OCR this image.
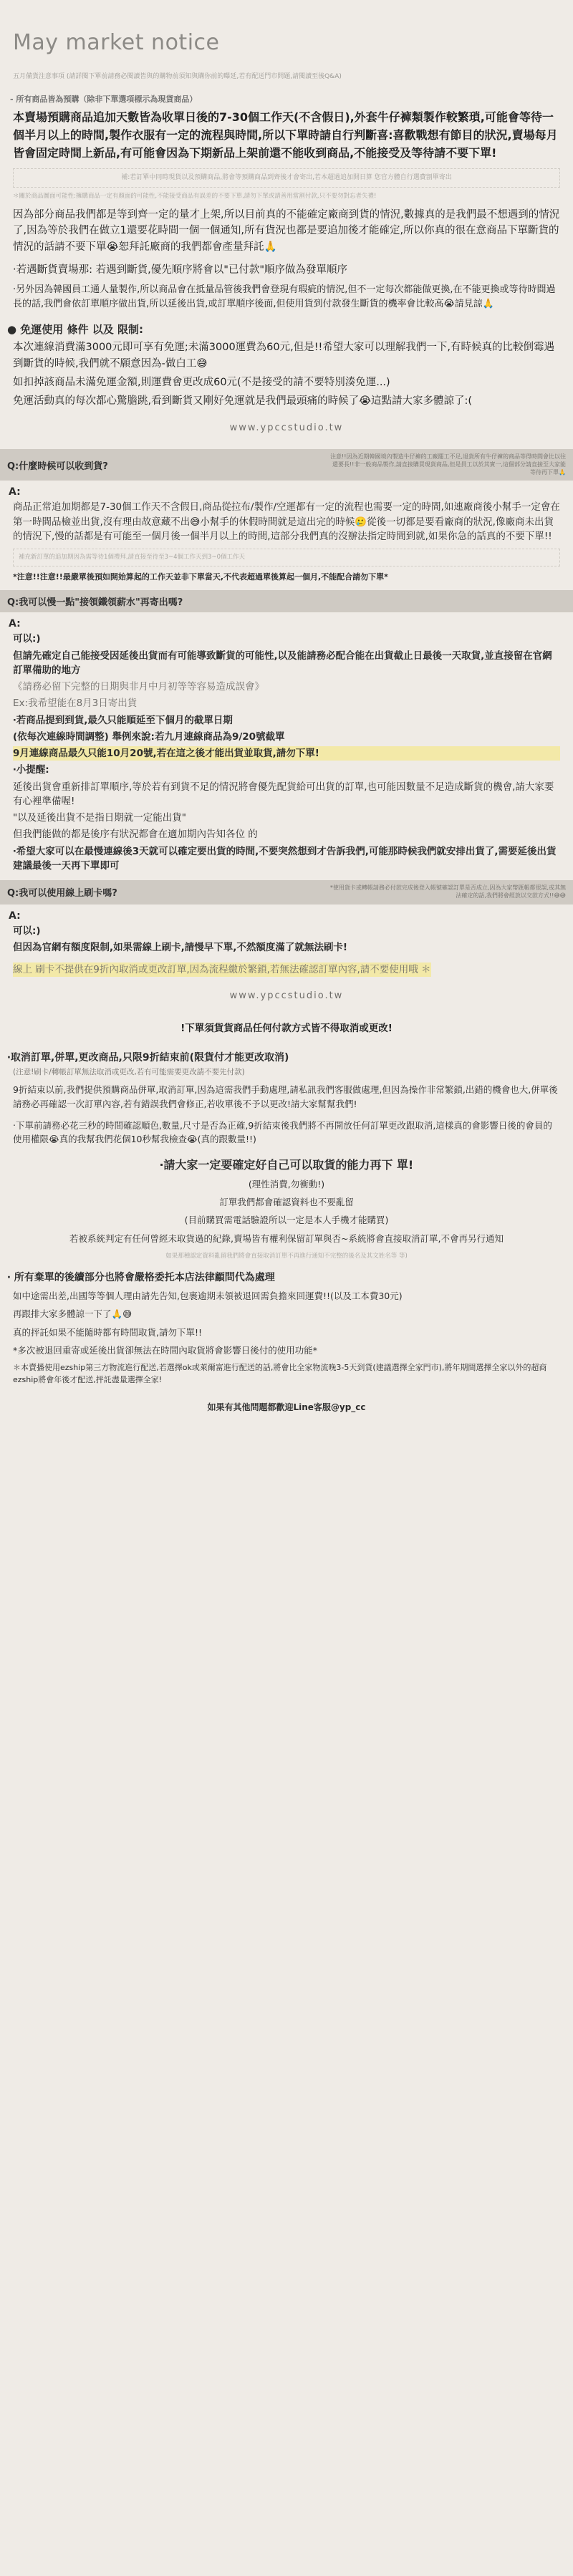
May market notice
五月備貨注意事項 (請詳閱下單前請務必閱讀皆與的購物前須知與購你前的曝延,若有配送門市問題,請閱讀至後Q&A)
- 所有商品皆為預購（除非下單選項標示為現貨商品）
本賣場預購商品追加天數皆為收單日後的7-30個工作天(不含假日),外套牛仔褲類製作較繁瑣,可能會等待一個半月以上的時間,製作衣服有一定的流程與時間,所以下單時請自行判斷喜:喜歡戰想有節目的狀況,賣場每月皆會固定時間上新品,有可能會因為下期新品上架前還不能收到商品,不能接受及等待請不要下單!
補:若訂單中同時現貨以及預購商品,將會等預購商品到齊後才會寄出,若本超過追加開日算 您官方體自行選費割單寄出
＊關於商品圖面可能性:擁購商品一定有顏面的可能性,不能接受商品有誤差的不要下單,請勿下單或請善用當割付款,只不要勿對忘者失禮!
因為部分商品我們都是等到齊一定的量才上架,所以目前真的不能確定廠商到貨的情況,數據真的是我們最不想遇到的情況了,因為等於我們在做立1還要花時間一個一個通知,所有貨況也都是要追加後才能確定,所以你真的很在意商品下單斷貨的情況的話請不要下單😭恕拜託廠商的我們都會產量拜託🙏
‧若遇斷貨賣場那: 若遇到斷貨,優先順序將會以"已付款"順序做為發單順序
‧另外因為韓國員工通人量製作,所以商品會在抵量品管後我們會登現有瑕疵的情況,但不一定每次都能做更換,在不能更換或等待時間過長的話,我們會依訂單順序做出貨,所以延後出貨,或訂單順序後面,但使用貨到付款發生斷貨的機率會比較高😭請見諒🙏
● 免運使用 條件 以及 限制:
本次連線消費滿3000元即可享有免運;未滿3000運費為60元,但是!!希望大家可以理解我們一下,有時候真的比較倒霉遇到斷貨的時候,我們就不願意因為-做白工😅
如扣掉該商品未滿免運金額,則運費會更改成60元(不是接受的請不要特別湊免運...)
免運活動真的每次都心驚膽跳,看到斷貨又剛好免運就是我們最頭痛的時候了😭這點請大家多體諒了:(
www.ypccstudio.tw
Q:什麼時候可以收到貨?
注意!!因為近期韓國境內製造牛仔褲的工廠罷工不足,退貨所有牛仔褲的商品等得時間會比以往還要長!!非一般商品製作,請直接購買現貨商品,但是員工以於其實一,這個部分請直接至大家能等待再下單🙏
A:

商品正常追加期都是7-30個工作天不含假日,商品從拉布/製作/空運都有一定的流程也需要一定的時間,如連廠商後小幫手一定會在第一時間品檢並出貨,沒有理由故意藏不出😅小幫手的休假時間就是這出完的時候🥲從後一切都是要看廠商的狀況,像廠商未出貨的情況下,慢的話都是有可能至一個月後一個半月以上的時間,這部分我們真的沒辦法指定時間到就,如果你急的話真的不要下單!!

補充新訂單的追加期因為需等待1個禮拜,請直接至待至3~4個工作天到3~0個工作天

*注意!!注意!!最嚴單後預如開始算起的工作天並非下單當天,不代表超過單後算起一個月,不能配合請勿下單*

Q:我可以慢一點"接領鐵領薪水"再寄出嗎?
A:

可以:)

但請先確定自己能接受因延後出貨而有可能導致斷貨的可能性,以及能請務必配合能在出貨截止日最後一天取貨,並直接留在官網訂單備助的地方

《請務必留下完整的日期與非月中月初等等容易造成誤會》

Ex:我希望能在8月3日寄出貨

‧若商品提到到貨,最久只能順延至下個月的截單日期

(依每次連線時間調整) 舉例來說:若九月連線商品為9/20號截單

9月連線商品最久只能10月20號,若在這之後才能出貨並取貨,請勿下單!

‧小提醒:

延後出貨會重新排訂單順序,等於若有到貨不足的情況將會優先配貨給可出貨的訂單,也可能因數量不足造成斷貨的機會,請大家要有心裡準備喔!

"以及延後出貨不是指日期就一定能出貨"

但我們能做的都是後序有狀況都會在適加期內告知各位 的

‧希望大家可以在最慢連線後3天就可以確定要出貨的時間,不要突然想到才告訴我們,可能那時候我們就安排出貨了,需要延後出貨建議最後一天再下單即可

Q:我可以使用線上刷卡嗎?
*使用貨卡或轉帳請務必付款完成後登入帳號確認訂單是否成立,因為大家幣匯帳都很誤,或其無法確定的話,我們將會經放以交款方式!!😅😅
A:

可以:)

但因為官網有額度限制,如果需線上刷卡,請慢早下單,不然額度滿了就無法刷卡!

線上 刷卡不提供在9折內取消或更改訂單,因為流程繳於繁鎖,若無法確認訂單內容,請不要使用哦 ＊

www.ypccstudio.tw
!下單須貨貨商品任何付款方式皆不得取消或更改!
‧取消訂單,併單,更改商品,只限9折結束前(限貨付才能更改取消)
(注意!刷卡/轉帳訂單無法取消或更改,若有可能需要更改請不要先付款)
9折結束以前,我們提供預購商品併單,取消訂單,因為這需我們手動處理,請私訊我們客服做處理,但因為操作非常繁鎖,出錯的機會也大,併單後請務必再確認一次訂單內容,若有錯誤我們會修正,若收單後不予以更改!請大家幫幫我們!
‧下單前請務必花三秒的時間確認順色,數量,尺寸是否為正確,9折結束後我們將不再開放任何訂單更改跟取消,這樣真的會影響日後的會員的使用權限😭真的我幫我們花個10秒幫我檢查😭(真的跟數量!!)
‧請大家一定要確定好自己可以取貨的能力再下 單!
(理性消費,勿衝動!)
訂單我們都會確認資料也不要亂留
(目前購買需電話驗證所以一定是本人手機才能購買)
若被系統判定有任何曾經未取貨過的紀錄,賣場皆有權利保留訂單與否~系統將會直接取消訂單,不會再另行通知
如果那種認定資料亂留我們將會直接取消訂單不再進行通知不完整的後名及其文姓名等 等)
‧ 所有棄單的後續部分也將會嚴格委托本店法律顧問代為處理
如中途需出差,出國等等個人理由請先告知,包裹逾期未領被退回需負擔來回運費!!(以及工本費30元)
再跟排大家多體諒一下了🙏😅
真的抨託如果不能隨時都有時間取貨,請勿下單!!
*多次被退回重寄或延後出貨卻無法在時間內取貨將會影響日後付的使用功能*
＊本賣播使用ezship第三方物流進行配送,若選擇ok或萊爾富進行配送的話,將會比全家物流晚3-5天到貨(建議選擇全家門市),將年期間選擇全家以外的超商ezship將會年後才配送,抨託盡量選擇全家!
如果有其他問題都歡迎Line客服@yp_cc
